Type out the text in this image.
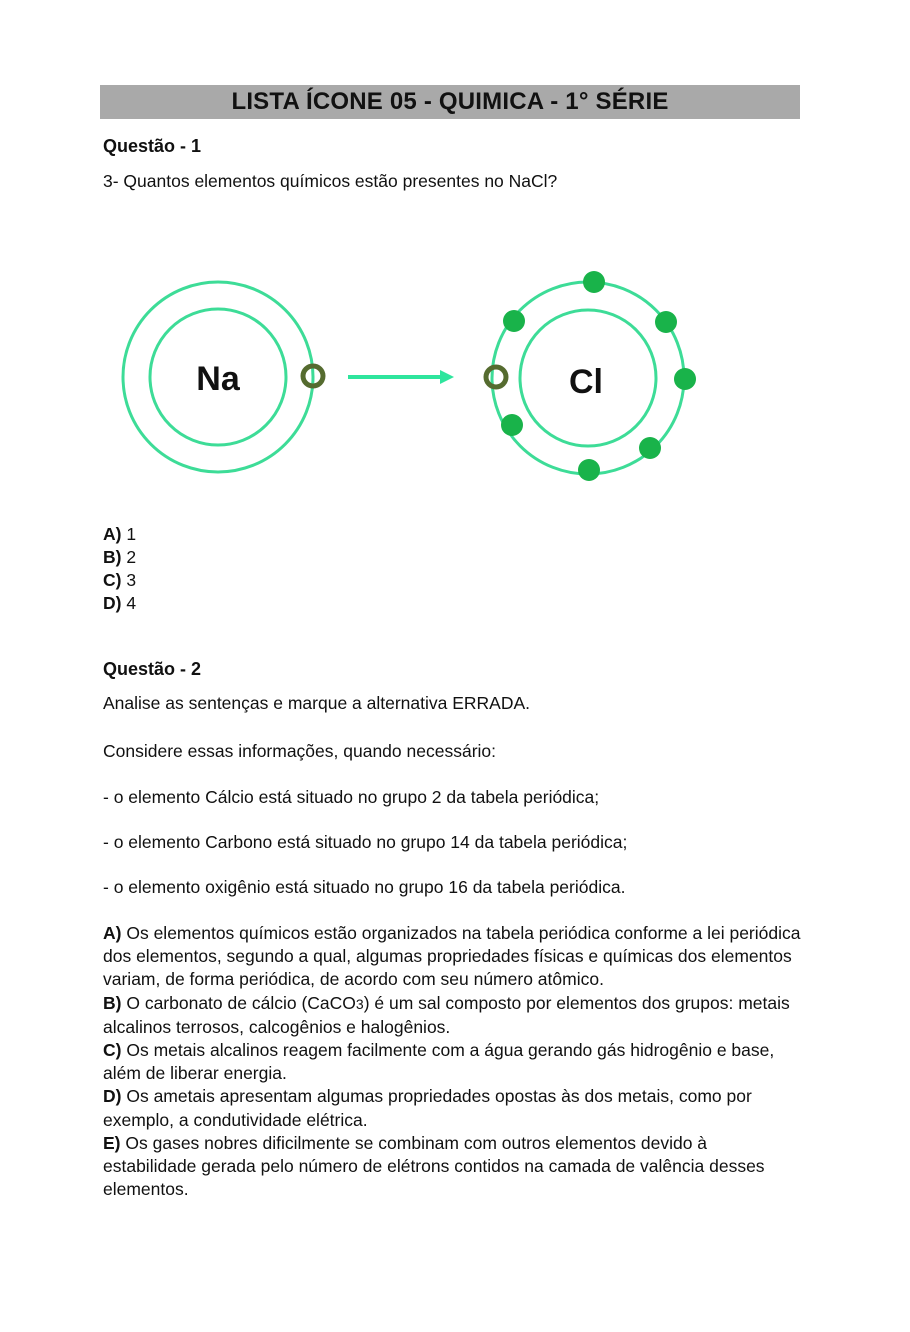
LISTA ÍCONE 05 - QUIMICA - 1° SÉRIE
Questão - 1
3- Quantos elementos químicos estão presentes no NaCl?
Na	Cl
A) 1
B) 2
C) 3
D) 4
Questão - 2
Analise as sentenças e marque a alternativa ERRADA.
Considere essas informações, quando necessário:
- o elemento Cálcio está situado no grupo 2 da tabela periódica;
- o elemento Carbono está situado no grupo 14 da tabela periódica;
- o elemento oxigênio está situado no grupo 16 da tabela periódica.
A) Os elementos químicos estão organizados na tabela periódica conforme a lei periódica dos elementos, segundo a qual, algumas propriedades físicas e químicas dos elementos variam, de forma periódica, de acordo com seu número atômico.
B) O carbonato de cálcio (CaCO3) é um sal composto por elementos dos grupos: metais alcalinos terrosos, calcogênios e halogênios.
C) Os metais alcalinos reagem facilmente com a água gerando gás hidrogênio e base, além de liberar energia.
D) Os ametais apresentam algumas propriedades opostas às dos metais, como por exemplo, a condutividade elétrica.
E) Os gases nobres dificilmente se combinam com outros elementos devido à estabilidade gerada pelo número de elétrons contidos na camada de valência desses elementos.
